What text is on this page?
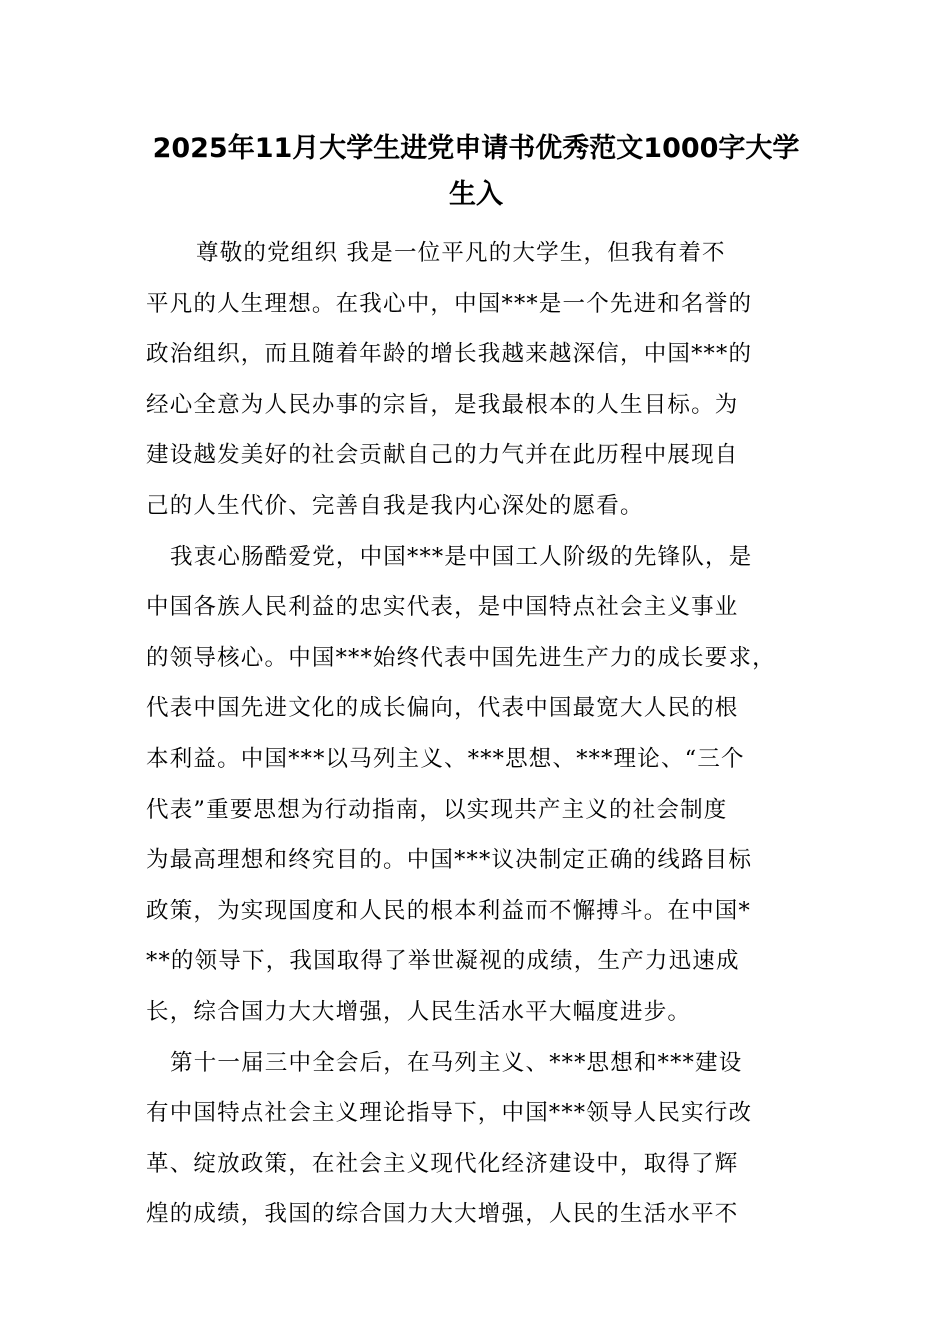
2025年11月大学生进党申请书优秀范文1000字大学生入
尊敬的党组织 我是一位平凡的大学生，但我有着不
平凡的人生理想。在我心中，中国***是一个先进和名誉的
政治组织，而且随着年龄的增长我越来越深信，中国***的
经心全意为人民办事的宗旨，是我最根本的人生目标。为
建设越发美好的社会贡献自己的力气并在此历程中展现自
己的人生代价、完善自我是我内心深处的愿看。
我衷心肠酷爱党，中国***是中国工人阶级的先锋队，是
中国各族人民利益的忠实代表，是中国特点社会主义事业
的领导核心。中国***始终代表中国先进生产力的成长要求，
代表中国先进文化的成长偏向，代表中国最宽大人民的根
本利益。中国***以马列主义、***思想、***理论、“三个
代表”重要思想为行动指南，以实现共产主义的社会制度
为最高理想和终究目的。中国***议决制定正确的线路目标
政策，为实现国度和人民的根本利益而不懈搏斗。在中国*
**的领导下，我国取得了举世凝视的成绩，生产力迅速成
长，综合国力大大增强，人民生活水平大幅度进步。
第十一届三中全会后，在马列主义、***思想和***建设
有中国特点社会主义理论指导下，中国***领导人民实行改
革、绽放政策，在社会主义现代化经济建设中，取得了辉
煌的成绩，我国的综合国力大大增强，人民的生活水平不
